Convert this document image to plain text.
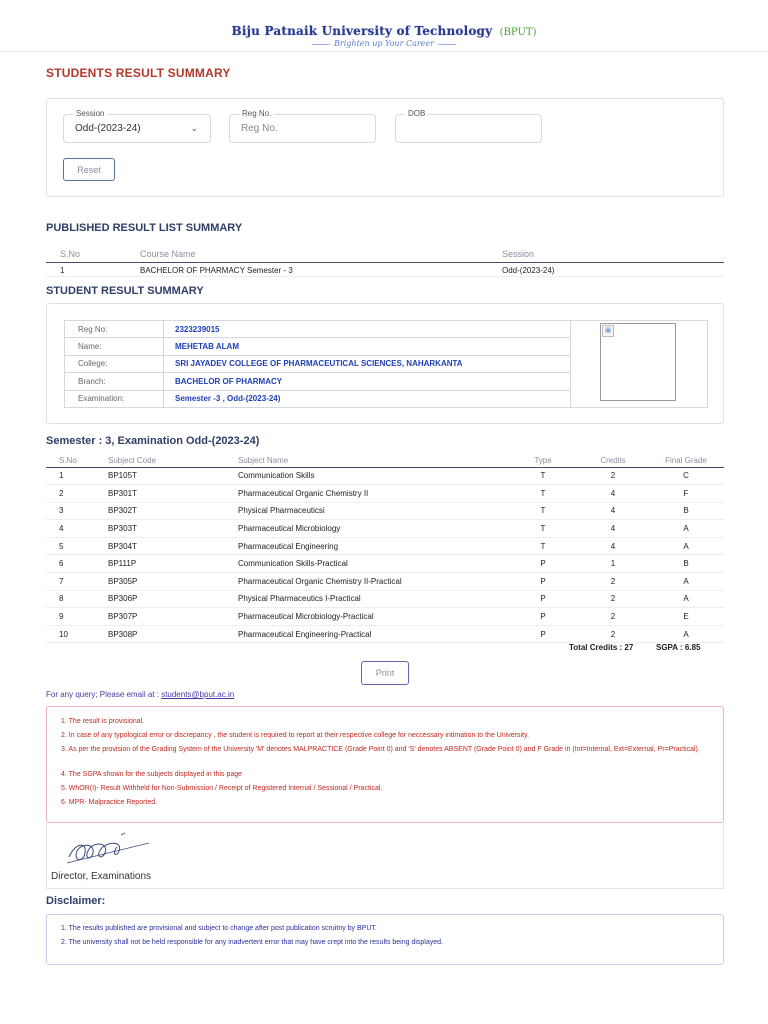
Biju Patnaik University of Technology (BPUT)
Brighten up Your Career
STUDENTS RESULT SUMMARY
Session
Odd-(2023-24)	⌄
Reg No.
Reg No.
DOB
Reset
PUBLISHED RESULT LIST SUMMARY
S.No	Course Name	Session
1	BACHELOR OF PHARMACY Semester - 3	Odd-(2023-24)
STUDENT RESULT SUMMARY
Reg No:	2323239015
Name:	MEHETAB ALAM
College:	SRI JAYADEV COLLEGE OF PHARMACEUTICAL SCIENCES, NAHARKANTA
Branch:	BACHELOR OF PHARMACY
Examination:	Semester -3 , Odd-(2023-24)
▣
Semester : 3, Examination Odd-(2023-24)
S.No	Subject Code	Subject Name	Type	Credits	Final Grade
1	BP105T	Communication Skills	T	2	C
2	BP301T	Pharmaceutical Organic Chemistry II	T	4	F
3	BP302T	Physical Pharmaceuticsi	T	4	B
4	BP303T	Pharmaceutical Microbiology	T	4	A
5	BP304T	Pharmaceutical Engineering	T	4	A
6	BP111P	Communication Skills-Practical	P	1	B
7	BP305P	Pharmaceutical Organic Chemistry II-Practical	P	2	A
8	BP306P	Physical Pharmaceutics I-Practical	P	2	A
9	BP307P	Pharmaceutical Microbiology-Practical	P	2	E
10	BP308P	Pharmaceutical Engineering-Practical	P	2	A
Total Credits : 27	SGPA : 6.85
Print
For any query; Please email at : students@bput.ac.in
1. The result is provisional.
2. In case of any typological error or discrepancy , the student is required to report at their respective college for neccessary intimation to the University.
3. As per the provision of the Grading System of the University 'M' denotes MALPRACTICE (Grade Point 0) and 'S' denotes ABSENT (Grade Point 0) and F Grade in (Int=Internal, Ext=External, Pr=Practical).
4. The SGPA shown for the subjects displayed in this page
5. WhOR(I)- Result Withheld for Non-Submission / Receipt of Registered Internal / Sessional / Practical.
6. MPR- Malpractice Reported.
Director, Examinations
Disclaimer:
1. The results published are provisional and subject to change after post publication scruitny by BPUT.
2. The university shall not be held responsible for any inadvertent error that may have crept into the results being displayed.
